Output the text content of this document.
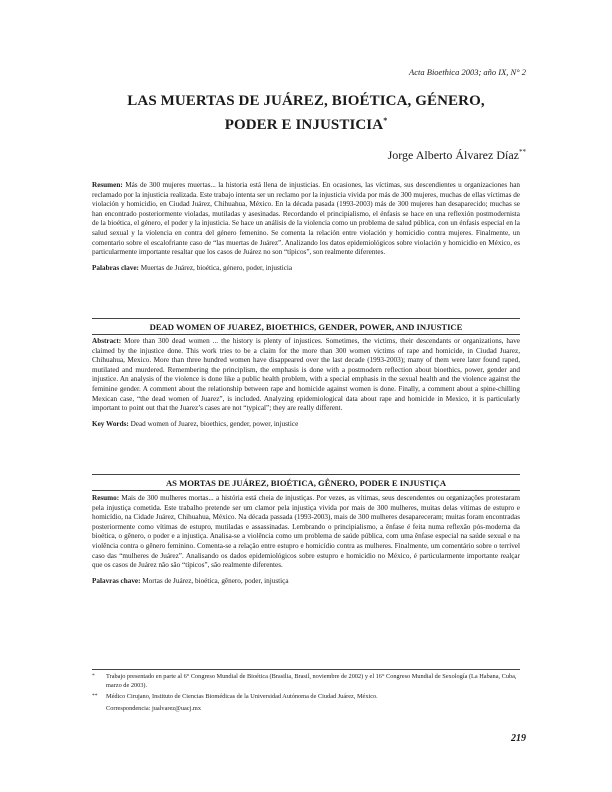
Acta Bioethica 2003; año IX, N° 2
LAS MUERTAS DE JUÁREZ, BIOÉTICA, GÉNERO,
PODER E INJUSTICIA*
Jorge Alberto Álvarez Díaz**
Resumen: Más de 300 mujeres muertas... la historia está llena de injusticias. En ocasiones, las víctimas, sus descendientes u organizaciones han reclamado por la injusticia realizada. Este trabajo intenta ser un reclamo por la injusticia vivida por más de 300 mujeres, muchas de ellas víctimas de violación y homicidio, en Ciudad Juárez, Chihuahua, México. En la década pasada (1993-2003) más de 300 mujeres han desaparecido; muchas se han encontrado posteriormente violadas, mutiladas y asesinadas. Recordando el principialismo, el énfasis se hace en una reflexión postmodernista de la bioética, el género, el poder y la injusticia. Se hace un análisis de la violencia como un problema de salud pública, con un énfasis especial en la salud sexual y la violencia en contra del género femenino. Se comenta la relación entre violación y homicidio contra mujeres. Finalmente, un comentario sobre el escalofriante caso de “las muertas de Juárez”. Analizando los datos epidemiológicos sobre violación y homicidio en México, es particularmente importante resaltar que los casos de Juárez no son “típicos”, son realmente diferentes.
Palabras clave: Muertas de Juárez, bioética, género, poder, injusticia
DEAD WOMEN OF JUAREZ, BIOETHICS, GENDER, POWER, AND INJUSTICE
Abstract: More than 300 dead women ... the history is plenty of injustices. Sometimes, the victims, their descendants or organizations, have claimed by the injustice done. This work tries to be a claim for the more than 300 women victims of rape and homicide, in Ciudad Juarez, Chihuahua, Mexico. More than three hundred women have disappeared over the last decade (1993-2003); many of them were later found raped, mutilated and murdered. Remembering the principlism, the emphasis is done with a postmodern reflection about bioethics, power, gender and injustice. An analysis of the violence is done like a public health problem, with a special emphasis in the sexual health and the violence against the feminine gender. A comment about the relationship between rape and homicide against women is done. Finally, a comment about a spine-chilling Mexican case, “the dead women of Juarez”, is included. Analyzing epidemiological data about rape and homicide in Mexico, it is particularly important to point out that the Juarez’s cases are not “typical”; they are really different.
Key Words: Dead women of Juarez, bioethics, gender, power, injustice
AS MORTAS DE JUÁREZ, BIOÉTICA, GÊNERO, PODER E INJUSTIÇA
Resumo: Mais de 300 mulheres mortas... a história está cheia de injustiças. Por vezes, as vítimas, seus descendentes ou organizações protestaram pela injustiça cometida. Este trabalho pretende ser um clamor pela injustiça vivida por mais de 300 mulheres, muitas delas vítimas de estupro e homicídio, na Cidade Juárez, Chihuahua, México. Na década passada (1993-2003), mais de 300 mulheres desapareceram; muitas foram encontradas posteriormente como vítimas de estupro, mutiladas e assassinadas. Lembrando o principialismo, a ênfase é feita numa reflexão pós-moderna da bioética, o gênero, o poder e a injustiça. Analisa-se a violência como um problema de saúde pública, com uma ênfase especial na saúde sexual e na violência contra o gênero feminino. Comenta-se a relação entre estupro e homicídio contra as mulheres. Finalmente, um comentário sobre o terrível caso das “mulheres de Juárez”. Analisando os dados epidemiológicos sobre estupro e homicídio no México, é particularmente importante realçar que os casos de Juárez não são “típicos”, são realmente diferentes.
Palavras chave: Mortas de Juárez, bioética, gênero, poder, injustiça
* Trabajo presentado en parte al 6° Congreso Mundial de Bioética (Brasilia, Brasil, noviembre de 2002) y el 16° Congreso Mundial de Sexología (La Habana, Cuba, marzo de 2003).
** Médico Cirujano, Instituto de Ciencias Biomédicas de la Universidad Autónoma de Ciudad Juárez, México.
Correspondencia: jualvarez@uacj.mx
219
